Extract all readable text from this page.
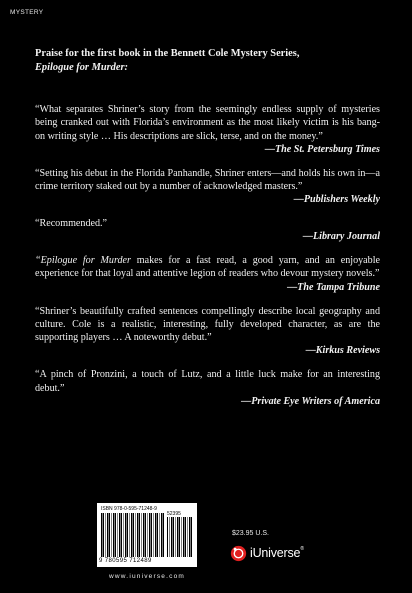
MYSTERY
Praise for the first book in the Bennett Cole Mystery Series,
Epilogue for Murder:

“What separates Shriner’s story from the seemingly endless supply of mysteries being cranked out with Florida’s environment as the most likely victim is his bang-on writing style … His descriptions are slick, terse, and on the money.”

—The St. Petersburg Times

“Setting his debut in the Florida Panhandle, Shriner enters—and holds his own in—a crime territory staked out by a number of acknowledged masters.”

—Publishers Weekly

“Recommended.”

—Library Journal

“Epilogue for Murder makes for a fast read, a good yarn, and an enjoyable experience for that loyal and attentive legion of readers who devour mystery novels.”

—The Tampa Tribune

“Shriner’s beautifully crafted sentences compellingly describe local geography and culture. Cole is a realistic, interesting, fully developed character, as are the supporting players … A noteworthy debut.”

—Kirkus Reviews

“A pinch of Pronzini, a touch of Lutz, and a little luck make for an interesting debut.”

—Private Eye Writers of America
ISBN 978-0-595-71248-9
52395
9 780595 712489
www.iuniverse.com
$23.95 U.S.
iUniverse®
